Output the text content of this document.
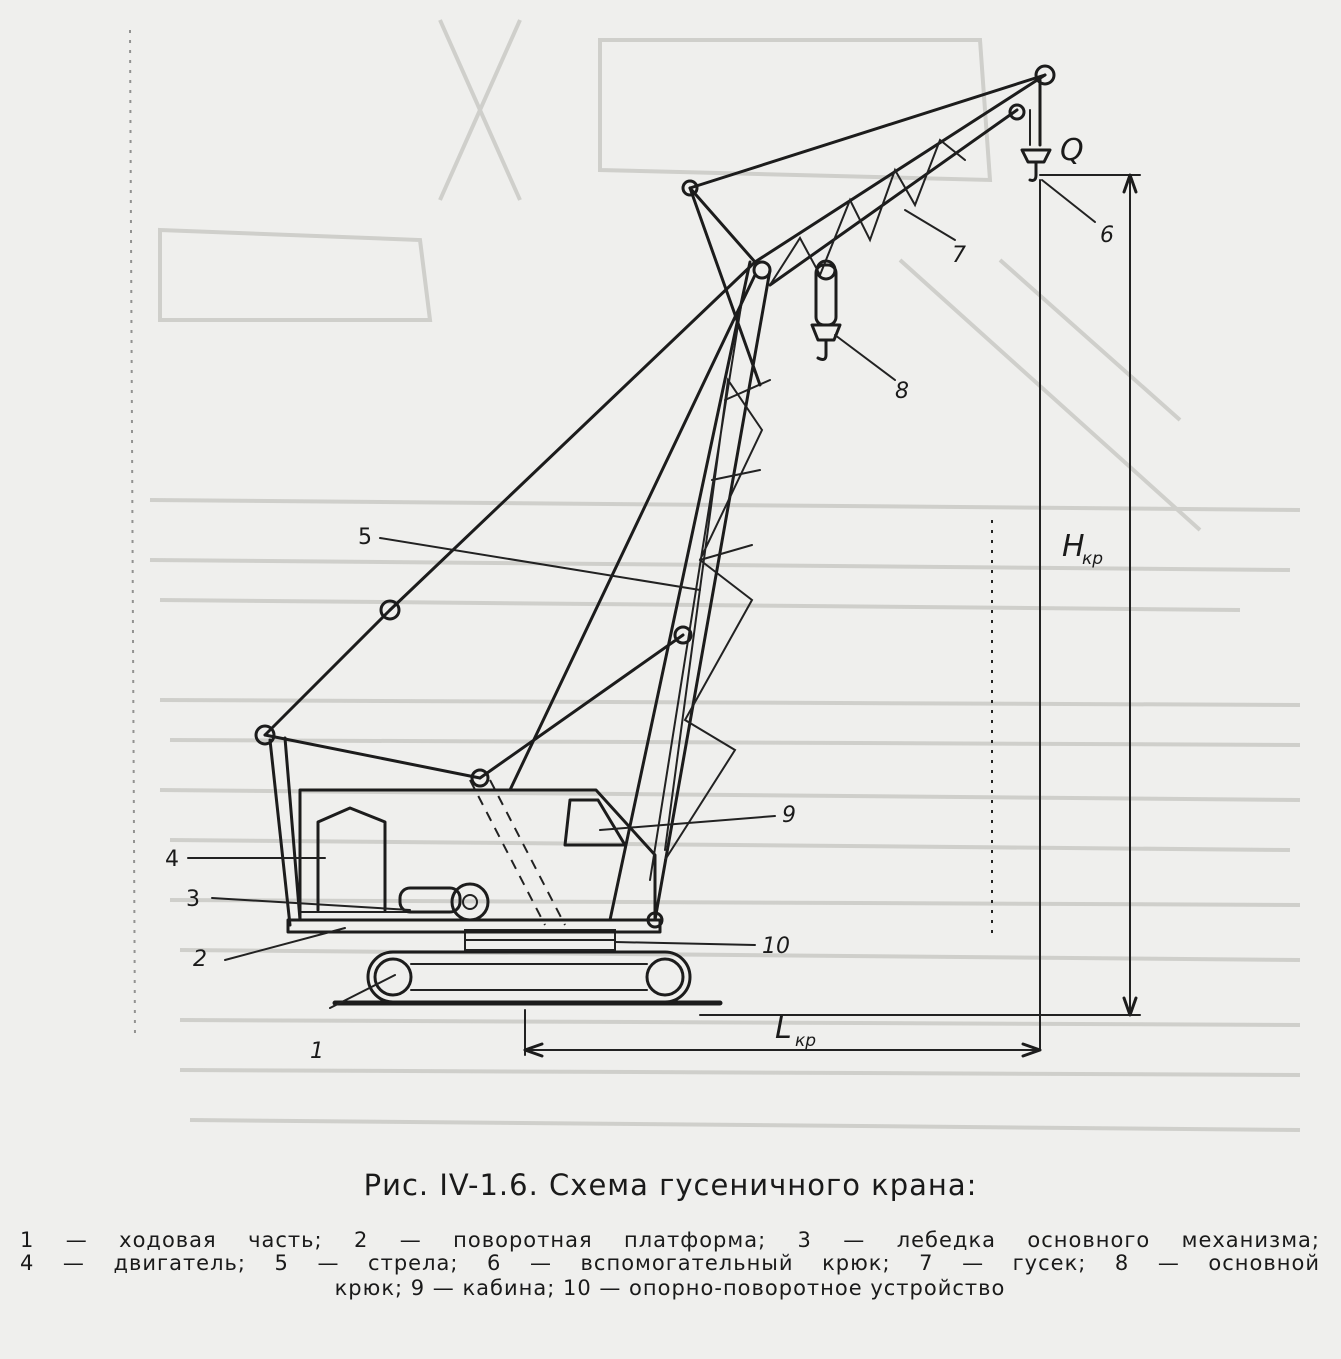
1
2
3
4
5
6
7
8
9
10
Q
H
кр
L кр
Рис. IV-1.6. Схема гусеничного крана:
1 — ходовая часть; 2 — поворотная платформа; 3 — лебедка основного механизма;
4 — двигатель; 5 — стрела; 6 — вспомогательный крюк; 7 — гусек; 8 — основной
крюк; 9 — кабина; 10 — опорно-поворотное устройство
